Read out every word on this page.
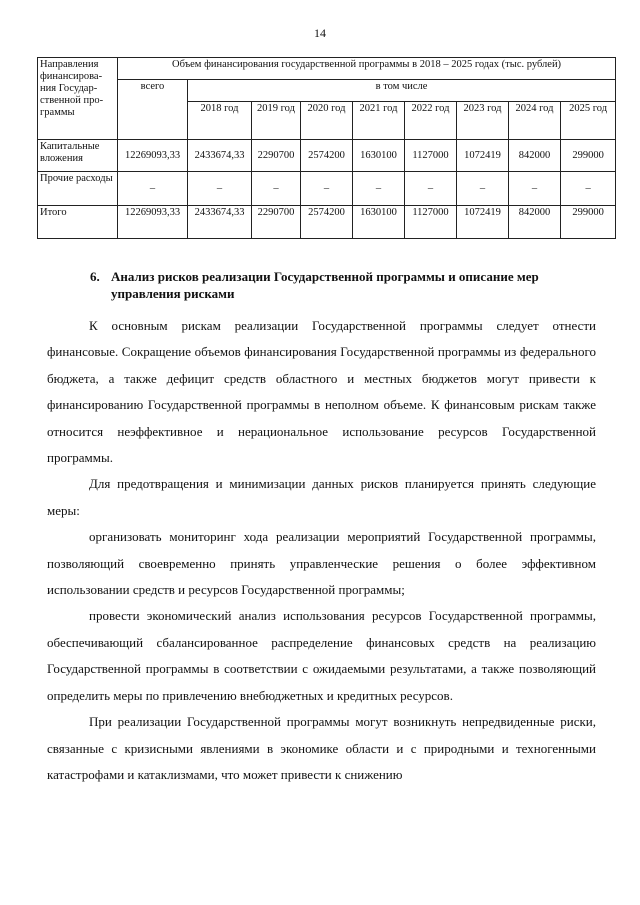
14
Направления финансирова-ния Государ-ственной про-граммы	Объем финансирования государственной программы в 2018 – 2025 годах (тыс. рублей)								
	всего	в том числе							
		2018 год	2019 год	2020 год	2021 год	2022 год	2023 год	2024 год	2025 год
Капитальные вложения	12269093,33	2433674,33	2290700	2574200	1630100	1127000	1072419	842000	299000
Прочие расходы	–	–	–	–	–	–	–	–	–
Итого	12269093,33	2433674,33	2290700	2574200	1630100	1127000	1072419	842000	299000
6. Анализ рисков реализации Государственной программы и описание мер управления рисками

К основным рискам реализации Государственной программы следует отнести финансовые. Сокращение объемов финансирования Государственной программы из федерального бюджета, а также дефицит средств областного и местных бюджетов могут привести к финансированию Государственной программы в неполном объеме. К финансовым рискам также относится неэффективное и нерациональное использование ресурсов Государственной программы.

Для предотвращения и минимизации данных рисков планируется принять следующие меры:

организовать мониторинг хода реализации мероприятий Государственной программы, позволяющий своевременно принять управленческие решения о более эффективном использовании средств и ресурсов Государственной программы;

провести экономический анализ использования ресурсов Государственной программы, обеспечивающий сбалансированное распределение финансовых средств на реализацию Государственной программы в соответствии с ожидаемыми результатами, а также позволяющий определить меры по привлечению внебюджетных и кредитных ресурсов.

При реализации Государственной программы могут возникнуть непредвиденные риски, связанные с кризисными явлениями в экономике области и с природными и техногенными катастрофами и катаклизмами, что может привести к снижению
